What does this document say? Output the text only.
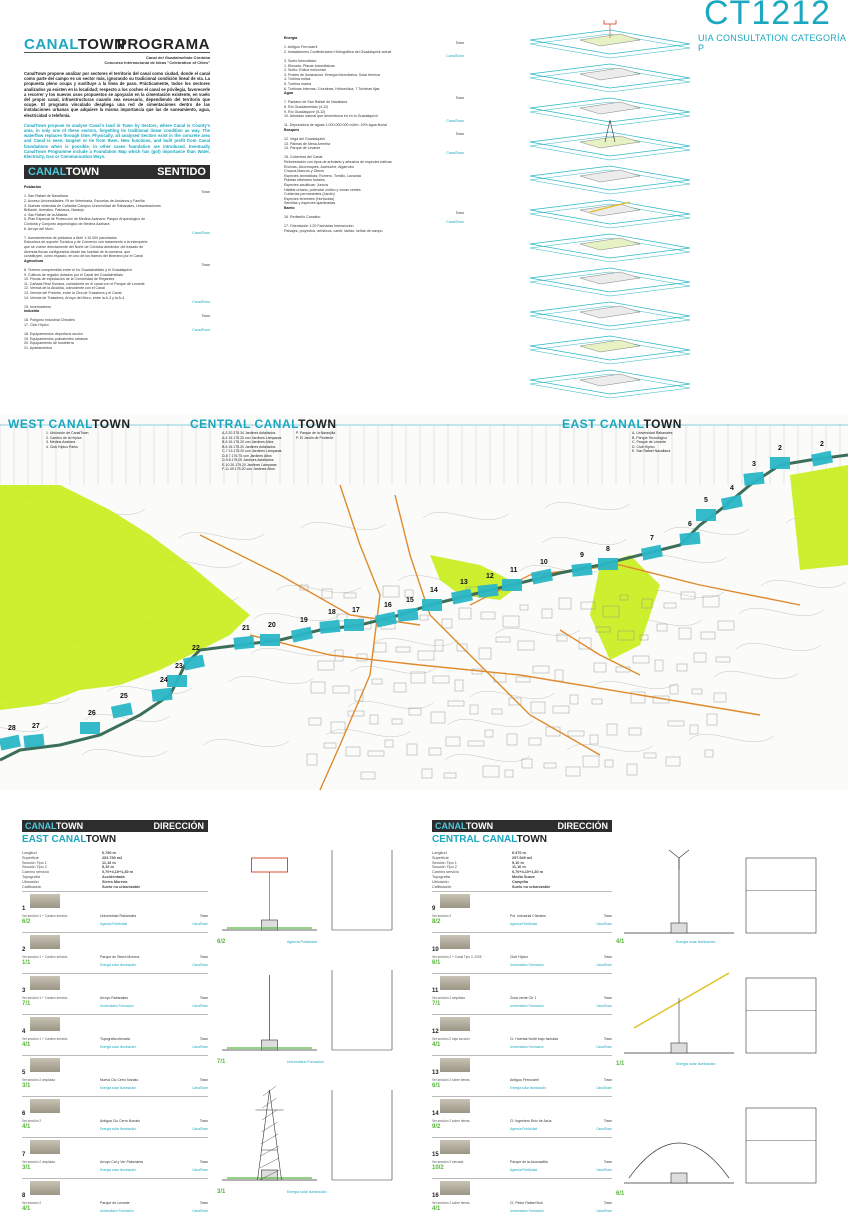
CT1212
UIA CONSULTATION CATEGORÍA P
CANALTOWN
PROGRAMA
Canal del Guadalmellato Córdoba
Concurso Internacional de Ideas "Celebration of Cities"
CanalTown propone analizar por sectores el territorio del canal como ciudad, donde el canal como parte del campo es un sector más, ignorando su tradicional condición lineal de vía. La propuesta pleno ocupa y sustituye a la línea de paso. Prácticamente, todos los sectores analizados ya existen en la localidad; respecto a los coches el canal se privilegia, favorecerle a recorrer y los nuevos usos propuestos se apoyarán en la cimentación existente, en vuelo del propio canal, infraestructuras cuando sea necesario, dependiendo del territorio que ocupe. El programa vinculado despliega una red de cimentaciones dentro de las instalaciones urbanas que adquiere la misma importancia que las de saneamiento, agua, electricidad o telefonía.
CanalTown propose to analyse Canal´s land in Town by Sectors, where Canal is County's area, in only one of these sectors, forgetting its traditional linear condition as way. The waterflow replaces through time. Physically, all analysed Sectors exist in the concrete area and Canal is seen, tangent or tie from them. New functions, and built profit from Canal foundations when is possible, in other cases foundation are introduced. Eventually CanalTown Programme include a Foundation Map which has (got) importance than Water, Electricity, Gas or Communication Ways.
CANALTOWN	SENTIDO
Población
Town
1. San Rafael de Navallana
2. Acceso Universidades: Rt an Veterinaria, Escuelas de Ancianos y Familia
3. Nuevas viviendas de Cañadas Campus Universidad de Rabanales, Urbanizaciones
Brillante, Arenales, Patriarca, Naranjo
4. San Rafael de la Albaida
5. Plan Especial de Protección de Medina Azahara: Parque Arqueológico de
Córdoba y Conjunto arqueológico de Medina Azahara
6. Arroyo del Moro
CanalTown
7. Asentamientos de poblados a Abril 1:10.000 parcelados
Estructura de soporte Turística y de Comercio con tratamiento a la intemperie
que se vuelve directamente del Norte de Córdoba alrededor del trazado de
diversas fincas configurados desde las huertas de la comarca, que
constituyen, como espacio, en uno de los tramos del itinerario por el Canal
Agricultura
Town
8. Terreno comprendido entre el río Guadalmellato y el Guadalquivir
9. Cultivos de regadío dotados por el Canal del Guadalmellato
10. Fincas de explotación de la Comunidad de Regantes
11. Cañada Real Soriana, coincidente en el canal con el Parque de Levante
12. Vereda de la Alcaidía, coincidente con el Canal
13. Vereda del Pretorio, entre la Ctra.de Trassierra y el Canal
14. Vereda de Trassierra, Arroyo del Moro, entre la A-3 y la A-4
CanalTown
15. Invernaderos
Industria
Town
16. Polígono Industrial Chinales
17. Club Hípico
CanalTown
18. Equipamientos deportivos acción
19. Equipamientos polivalentes urbanos
20. Equipamiento de hostelería
21. Apartamentos
Energía
Town
1. Antiguo Ferrocarril
2. Instalaciones Confederación Hidrográfica del Guadalquivir actual
CanalTown
3. Suelo fotovoltaico
1. Elevado: Placas fotovoltaicas
2. Suelo: Eólica horizontal
3. Postes de iluminación: Energía fotovoltaica, Solar térmica
4. Turbina eólica
5. Turbina marea
6. Turbinas internas: 3 turbinas, Hidroeólica, 7 Turbinas fijas
Agua
Town
7. Pantano de San Rafael de Navallana
8. Río Guadalmellato (4-12)
9. Río Guadalquivir (5-12)
10. Arbolado natural que desemboca en el río Guadalquivir
CanalTown
11. Depuradora de aguas 1.000.000.000 m3/m. 19% agua fluvial
Bosques
Town
12. Vega del Guadalquivir
13. Palmas de Mesa Armeria
14. Parque de Levante
CanalTown
15. Cobertura del Canal:
Reforestación con tipos de arbolado y arbustos de especies nativas
Encinas, Alcornoques, Acebuche, Algarrobo
Chopos blancos y Olmos
Especies aromáticas: Romero, Tomillo, Lavanda
Plantas silvestres frutales
Especies acuáticas: Juncos
Hábitat urbano, potenciar cultivo y zonas verdes
Cubiertas permanentes (Jardín)
Especies terrestres (Hortícolas)
Semillas y especies ajardinadas
Barrio
Town
16. Rediseño Canalino
CanalTown
17. Orientación 1:20 Fachadas Intersección
Paisajes, proyectos, artísticos, cartel, tarifas, señas de campo
WEST CANALTOWN
1. Ubicación de CanalTown
2. Cambio de la Hípica
3. Medina Azahara
4. Club Hípico Parks
CENTRAL CANALTOWN
A-3 20.375.34 Jardines Asfaltados
A-4 15.175.20 con Jardines Lámparas
B-5 15.175.20 con Jardines Altos
B-6 15.175.20 Jardines Asfaltados
C-7 13.175.20 con Jardines Lámparas
D-8 7.176.75 con Jardines Altos
D-9 8.175.00 Jardines Asfaltados
E-10 20.175.20 Jardines Lámparas
F-11 49.175.20 con Jardines Altos
P. Parque de la Naranjilla
P. El Jardín de Poniente
EAST CANALTOWN
A. Universidad Rabanales
B. Parque Tecnológico
C. Parque de Levante
D. Club Hípico
E. San Rafael Navallana
28 27
26
25
24
23
22
21	20
19
18 17
16
15
14
13
12
11
10
9
8
7
6
5
4
3
2
2
CANALTOWN	DIRECCIÓN
EAST CANALTOWN
Longitud	6.790 m
Superficie	203.790 m2
Sección Tipo 1	11,10 m
Sección Tipo 2	5,10 m
Camino servicio	0,70+4,10+1,30 m
Topografía	Accidentada
Ubicación	Sierra Morena
Calificación	Suelo no urbanizable
1
Ver sección 1 + Camino servicio	Universidad Rabanales	Town
6/2	Agencia Publicidad	CanalTown
2
Ver sección 1 + Camino servicio	Parque de Sierra Morena	Town
1/1	Energía solar Iluminación	CanalTown
3
Ver sección 1 + Camino servicio	Arroyo Rabanales	Town
7/1	Universitario Formación	CanalTown
4
Ver sección 1 + Camino servicio	Topografía elevada	Town
4/1	Energía solar Iluminación	CanalTown
5
Ver sección 2 ampliada	Nueva Ciu Cerro Nonato	Town
3/1	Energía solar Iluminación	CanalTown
6
Ver sección 2	Antigua Ciu Cerro Nonato	Town
4/1	Energía solar Iluminación	CanalTown
7
Ver sección 2 ampliada	Arroyo Cal y Ver Palomares	Town
3/1	Energía solar Iluminación	CanalTown
8
Ver sección 2	Parque de Levante	Town
4/1	Universitario Formación	CanalTown
6/2	Agencia Publicidad
7/1	Universitario Formación
3/1	Energía solar Iluminación
CANALTOWN	DIRECCIÓN
CENTRAL CANALTOWN
Longitud	6.370 m
Superficie	297.949 m2
Sección Tipo 1	5,10 m
Sección Tipo 2	11,10 m
Camino servicio	0,70+4,10+1,30 m
Topografía	Media Suave
Ubicación	Campiña
Calificación	Suelo no urbanizable
9
Ver sección 2	Pol. Industrial Chinales	Town
8/2	Agencia Publicidad	CanalTown
10
Ver sección 2 + Canal Tipo 3, 2005	Club Hípico	Town
6/1	Universitario Formación	CanalTown
11
Ver sección 2 ampliada	Zona verde Ctr 1	Town
7/1	Universitario Formación	CanalTown
12
Ver sección 2 bajo sección	Cl. Huertas Norte bajo fachada	Town
4/1	Universitario Formación	CanalTown
13
Ver sección 2 sobre tierras	Antiguo Ferrocarril	Town
6/1	Energía solar Iluminación	CanalTown
14
Ver sección 2 sobre tierras	Cl. Ingeniero Ruiz de Azúa	Town
9/2	Agencia Publicidad	CanalTown
15
Ver sección 2 elevada	Parque de la Asomadilla	Town
10/2	Agencia Publicidad	CanalTown
16
Ver sección 2 sobre tierras	Cl. Pintor Rafael Botí	Town
4/1	Universitario Formación	CanalTown
4/1	Energía solar Iluminación
1/1	Energía solar Iluminación
6/1
